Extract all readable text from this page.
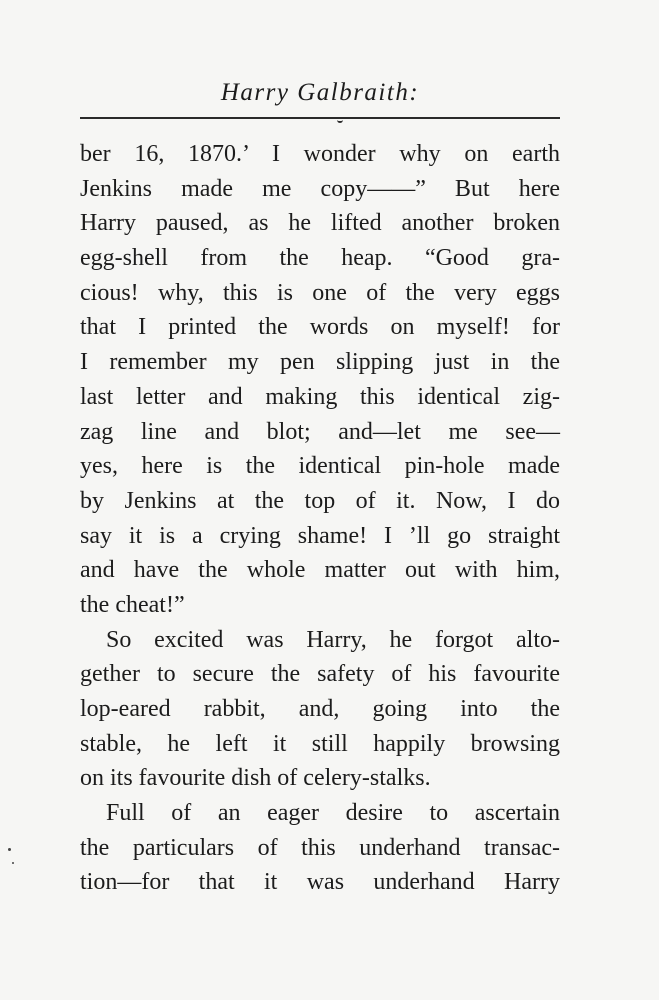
Harry Galbraith:
ber 16, 1870.’ I wonder why on earth
Jenkins made me copy——” But here
Harry paused, as he lifted another broken
egg-shell from the heap. “Good gra-
cious! why, this is one of the very eggs
that I printed the words on myself! for
I remember my pen slipping just in the
last letter and making this identical zig-
zag line and blot; and—let me see—
yes, here is the identical pin-hole made
by Jenkins at the top of it. Now, I do
say it is a crying shame! I ’ll go straight
and have the whole matter out with him,
the cheat!”
So excited was Harry, he forgot alto-
gether to secure the safety of his favourite
lop-eared rabbit, and, going into the
stable, he left it still happily browsing
on its favourite dish of celery-stalks.
Full of an eager desire to ascertain
the particulars of this underhand transac-
tion—for that it was underhand Harry
